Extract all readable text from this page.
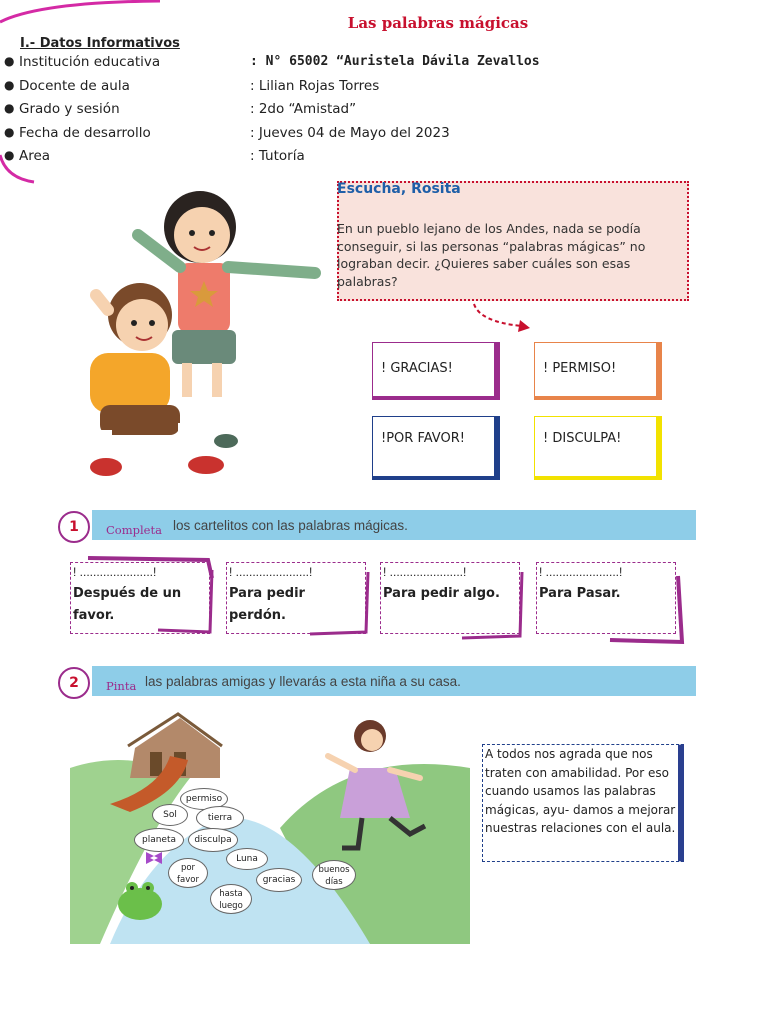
Las palabras mágicas
I.- Datos Informativos
● Institución educativa	: N° 65002 “Auristela Dávila Zevallos
● Docente de aula	: Lilian Rojas Torres
● Grado y sesión	: 2do “Amistad”
● Fecha de desarrollo	: Jueves 04 de Mayo del 2023
● Area	: Tutoría
Escucha, Rosita
En un pueblo lejano de los Andes, nada se podía conseguir, si las personas “palabras mágicas” no lograban decir. ¿Quieres saber cuáles son esas palabras?
! GRACIAS!	! PERMISO!
!POR FAVOR!	! DISCULPA!
1	Completa los cartelitos con las palabras mágicas.
! ......................!
Después de un favor.
! ......................!
Para pedir perdón.
! ......................!
Para pedir algo.
! ......................!
Para Pasar.
2	Pinta las palabras amigas y llevarás a esta niña a su casa.
permiso
Sol	tierra
planeta	disculpa
Luna
por favor	gracias
buenos días
hasta luego
A todos nos agrada que nos traten con amabilidad. Por eso cuando usamos las palabras mágicas, ayu- damos a mejorar nuestras relaciones con el aula.
